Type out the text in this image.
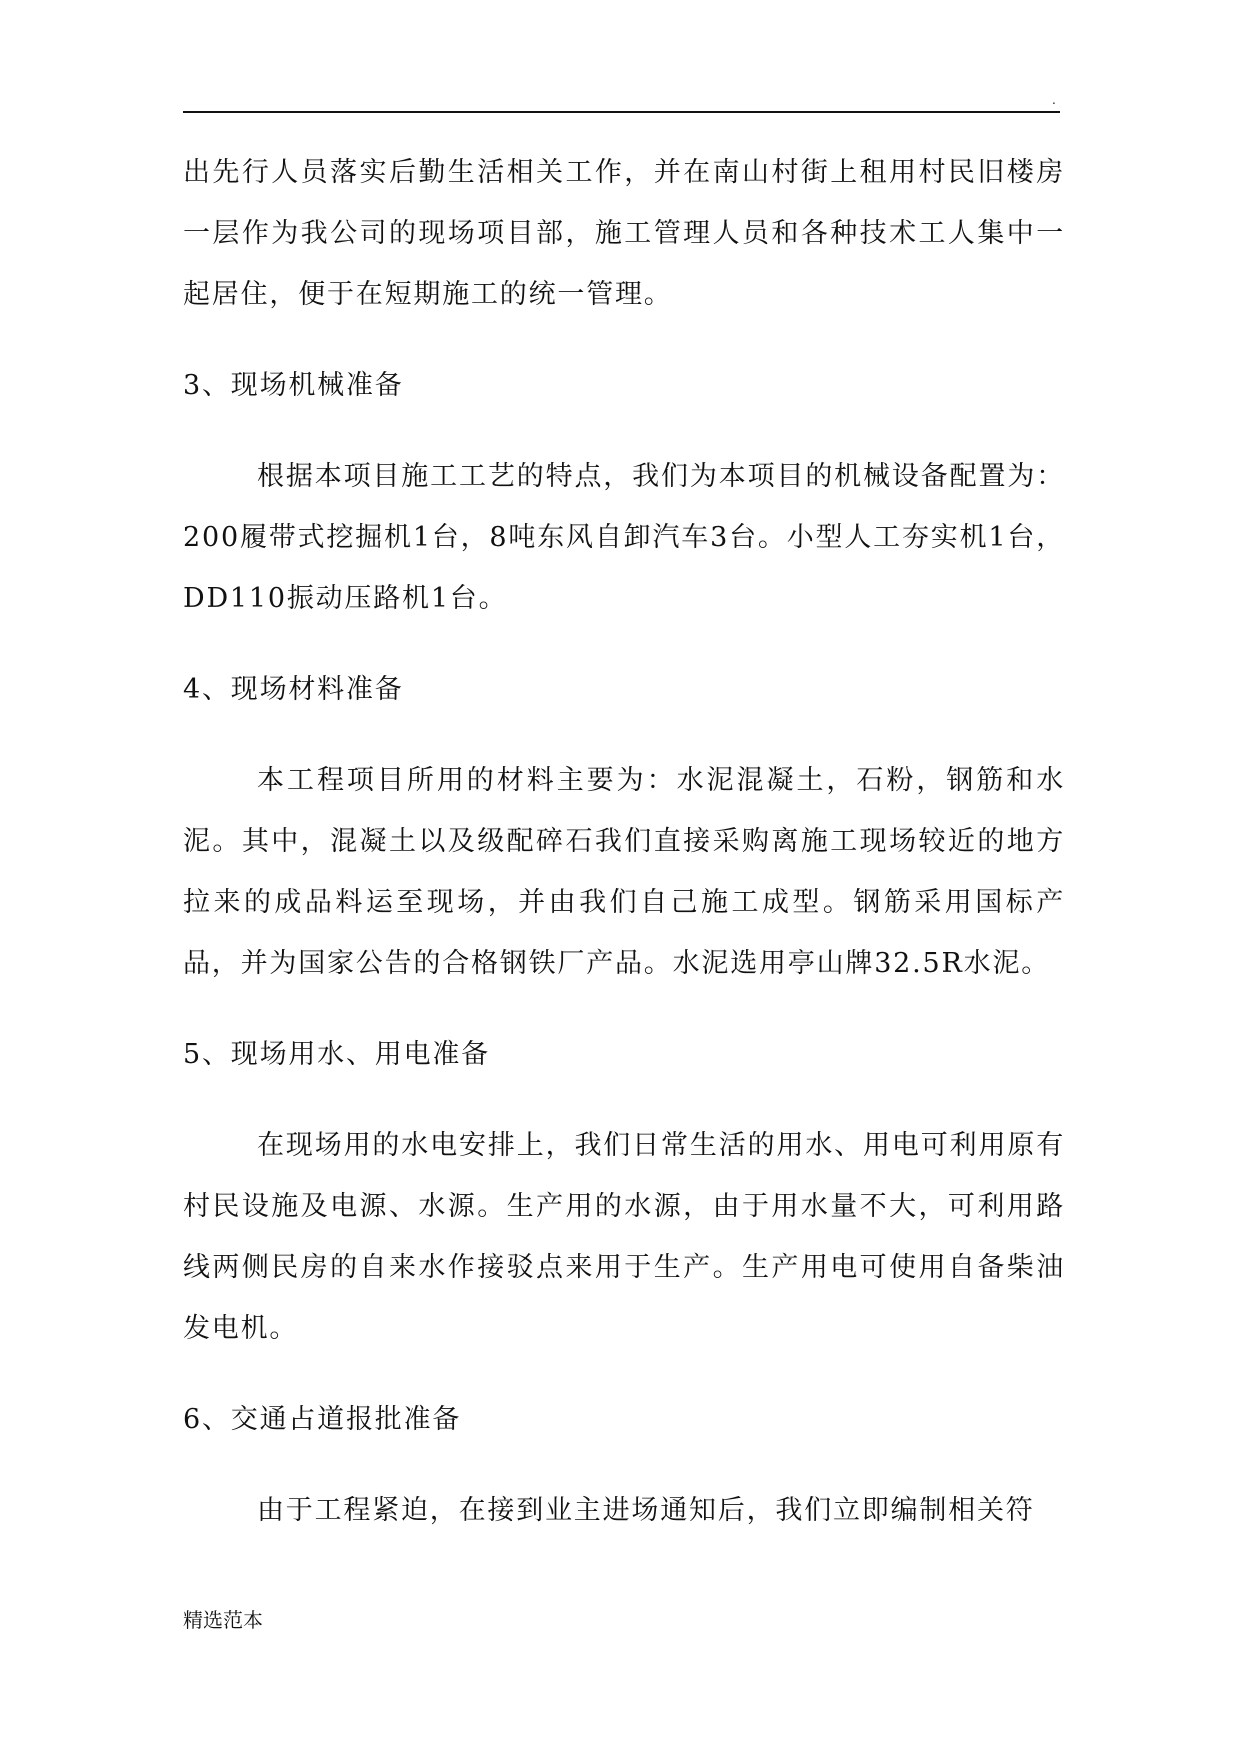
.

出先行人员落实后勤生活相关工作，并在南山村街上租用村民旧楼房一层作为我公司的现场项目部，施工管理人员和各种技术工人集中一起居住，便于在短期施工的统一管理。

3、现场机械准备

根据本项目施工工艺的特点，我们为本项目的机械设备配置为：200履带式挖掘机1台，8吨东风自卸汽车3台。小型人工夯实机1台，DD110振动压路机1台。

4、现场材料准备

本工程项目所用的材料主要为：水泥混凝土，石粉，钢筋和水泥。其中，混凝土以及级配碎石我们直接采购离施工现场较近的地方拉来的成品料运至现场，并由我们自己施工成型。钢筋采用国标产品，并为国家公告的合格钢铁厂产品。水泥选用亭山牌32.5R水泥。

5、现场用水、用电准备

在现场用的水电安排上，我们日常生活的用水、用电可利用原有村民设施及电源、水源。生产用的水源，由于用水量不大，可利用路线两侧民房的自来水作接驳点来用于生产。生产用电可使用自备柴油发电机。

6、交通占道报批准备

由于工程紧迫，在接到业主进场通知后，我们立即编制相关符

精选范本
